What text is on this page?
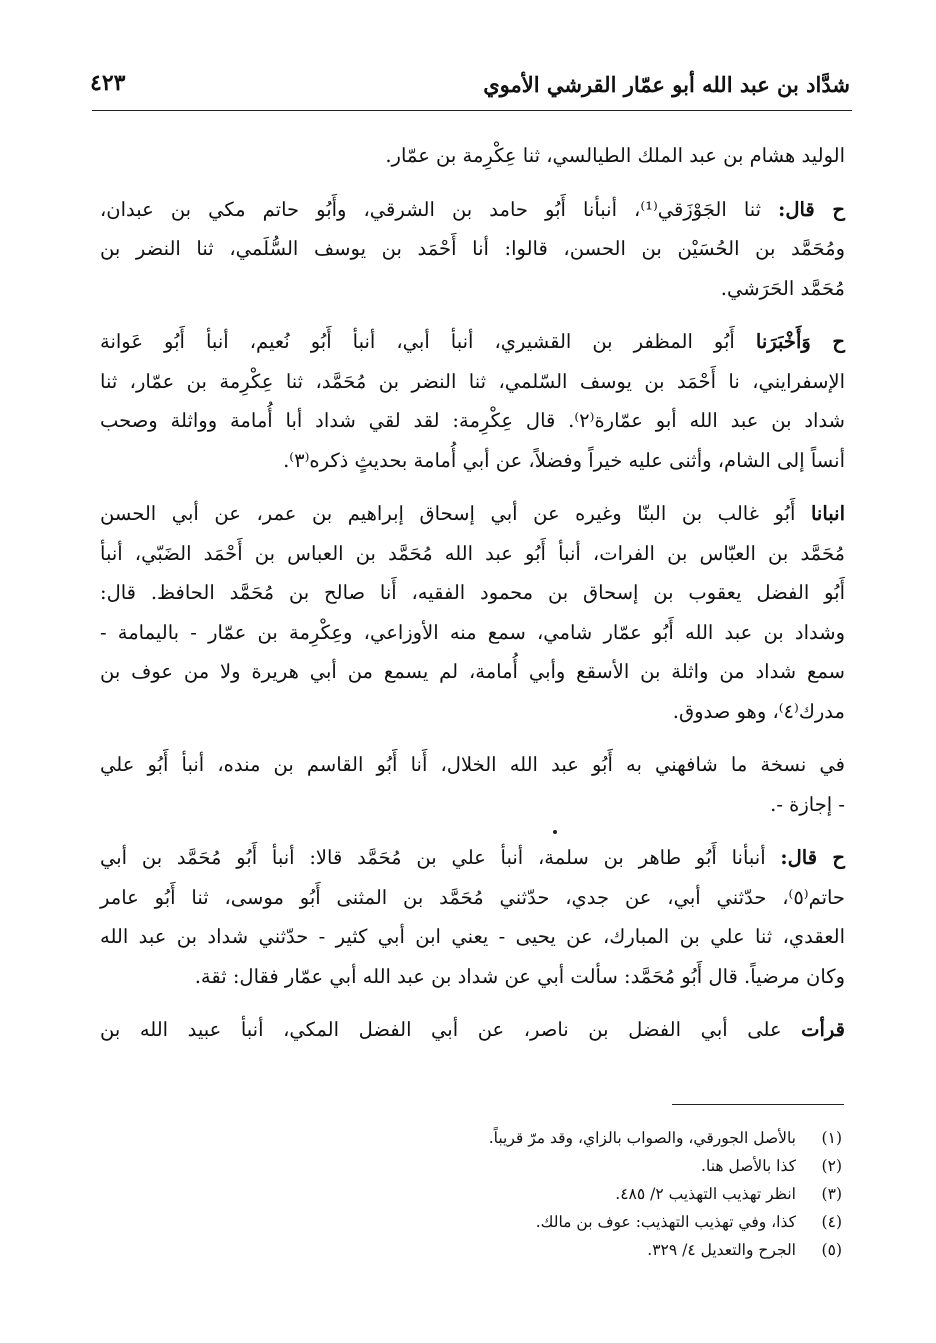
شدَّاد بن عبد الله أبو عمّار القرشي الأموي
٤٢٣

الوليد هشام بن عبد الملك الطيالسي، ثنا عِكْرِمة بن عمّار.

ح قال: ثنا الجَوْزَقي⁽¹⁾، أنبأنا أَبُو حامد بن الشرقي، وأَبُو حاتم مكي بن عبدان،
ومُحَمَّد بن الحُسَيْن بن الحسن، قالوا: أنا أَحْمَد بن يوسف السُّلَمي، ثنا النضر بن
مُحَمَّد الحَرَشي.

ح وَأَخْبَرَنا أَبُو المظفر بن القشيري، أنبأ أبي، أنبأ أَبُو نُعيم، أنبأ أَبُو عَوانة
الإسفرايني، نا أَحْمَد بن يوسف السّلمي، ثنا النضر بن مُحَمَّد، ثنا عِكْرِمة بن عمّار، ثنا
شداد بن عبد الله أبو عمّارة⁽٢⁾. قال عِكْرِمة: لقد لقي شداد أبا أُمامة وواثلة وصحب
أنساً إلى الشام، وأثنى عليه خيراً وفضلاً، عن أبي أُمامة بحديثٍ ذكره⁽٣⁾.

انبانا أَبُو غالب بن البنّا وغيره عن أبي إسحاق إبراهيم بن عمر، عن أبي الحسن
مُحَمَّد بن العبّاس بن الفرات، أنبأ أَبُو عبد الله مُحَمَّد بن العباس بن أَحْمَد الضَبّي، أنبأ
أَبُو الفضل يعقوب بن إسحاق بن محمود الفقيه، أَنا صالح بن مُحَمَّد الحافظ. قال:
وشداد بن عبد الله أَبُو عمّار شامي، سمع منه الأوزاعي، وعِكْرِمة بن عمّار - باليمامة -
سمع شداد من واثلة بن الأسقع وأبي أُمامة، لم يسمع من أبي هريرة ولا من عوف بن
مدرك⁽٤⁾، وهو صدوق.

في نسخة ما شافهني به أَبُو عبد الله الخلال، أَنا أَبُو القاسم بن منده، أنبأ أَبُو علي
- إجازة -.

ح قال: أنبأنا أَبُو طاهر بن سلمة، أنبأ علي بن مُحَمَّد قالا: أنبأ أَبُو مُحَمَّد بن أبي
حاتم⁽٥⁾، حدّثني أبي، عن جدي، حدّثني مُحَمَّد بن المثنى أَبُو موسى، ثنا أَبُو عامر
العقدي، ثنا علي بن المبارك، عن يحيى - يعني ابن أبي كثير - حدّثني شداد بن عبد الله
وكان مرضياً. قال أَبُو مُحَمَّد: سألت أبي عن شداد بن عبد الله أبي عمّار فقال: ثقة.

قرأت على أبي الفضل بن ناصر، عن أبي الفضل المكي، أنبأ عبيد الله بن

(١)بالأصل الجورقي، والصواب بالزاي، وقد مرّ قريباً.
(٢)كذا بالأصل هنا.
(٣)انظر تهذيب التهذيب ٢/ ٤٨٥.
(٤)كذا، وفي تهذيب التهذيب: عوف بن مالك.
(٥)الجرح والتعديل ٤/ ٣٢٩.
